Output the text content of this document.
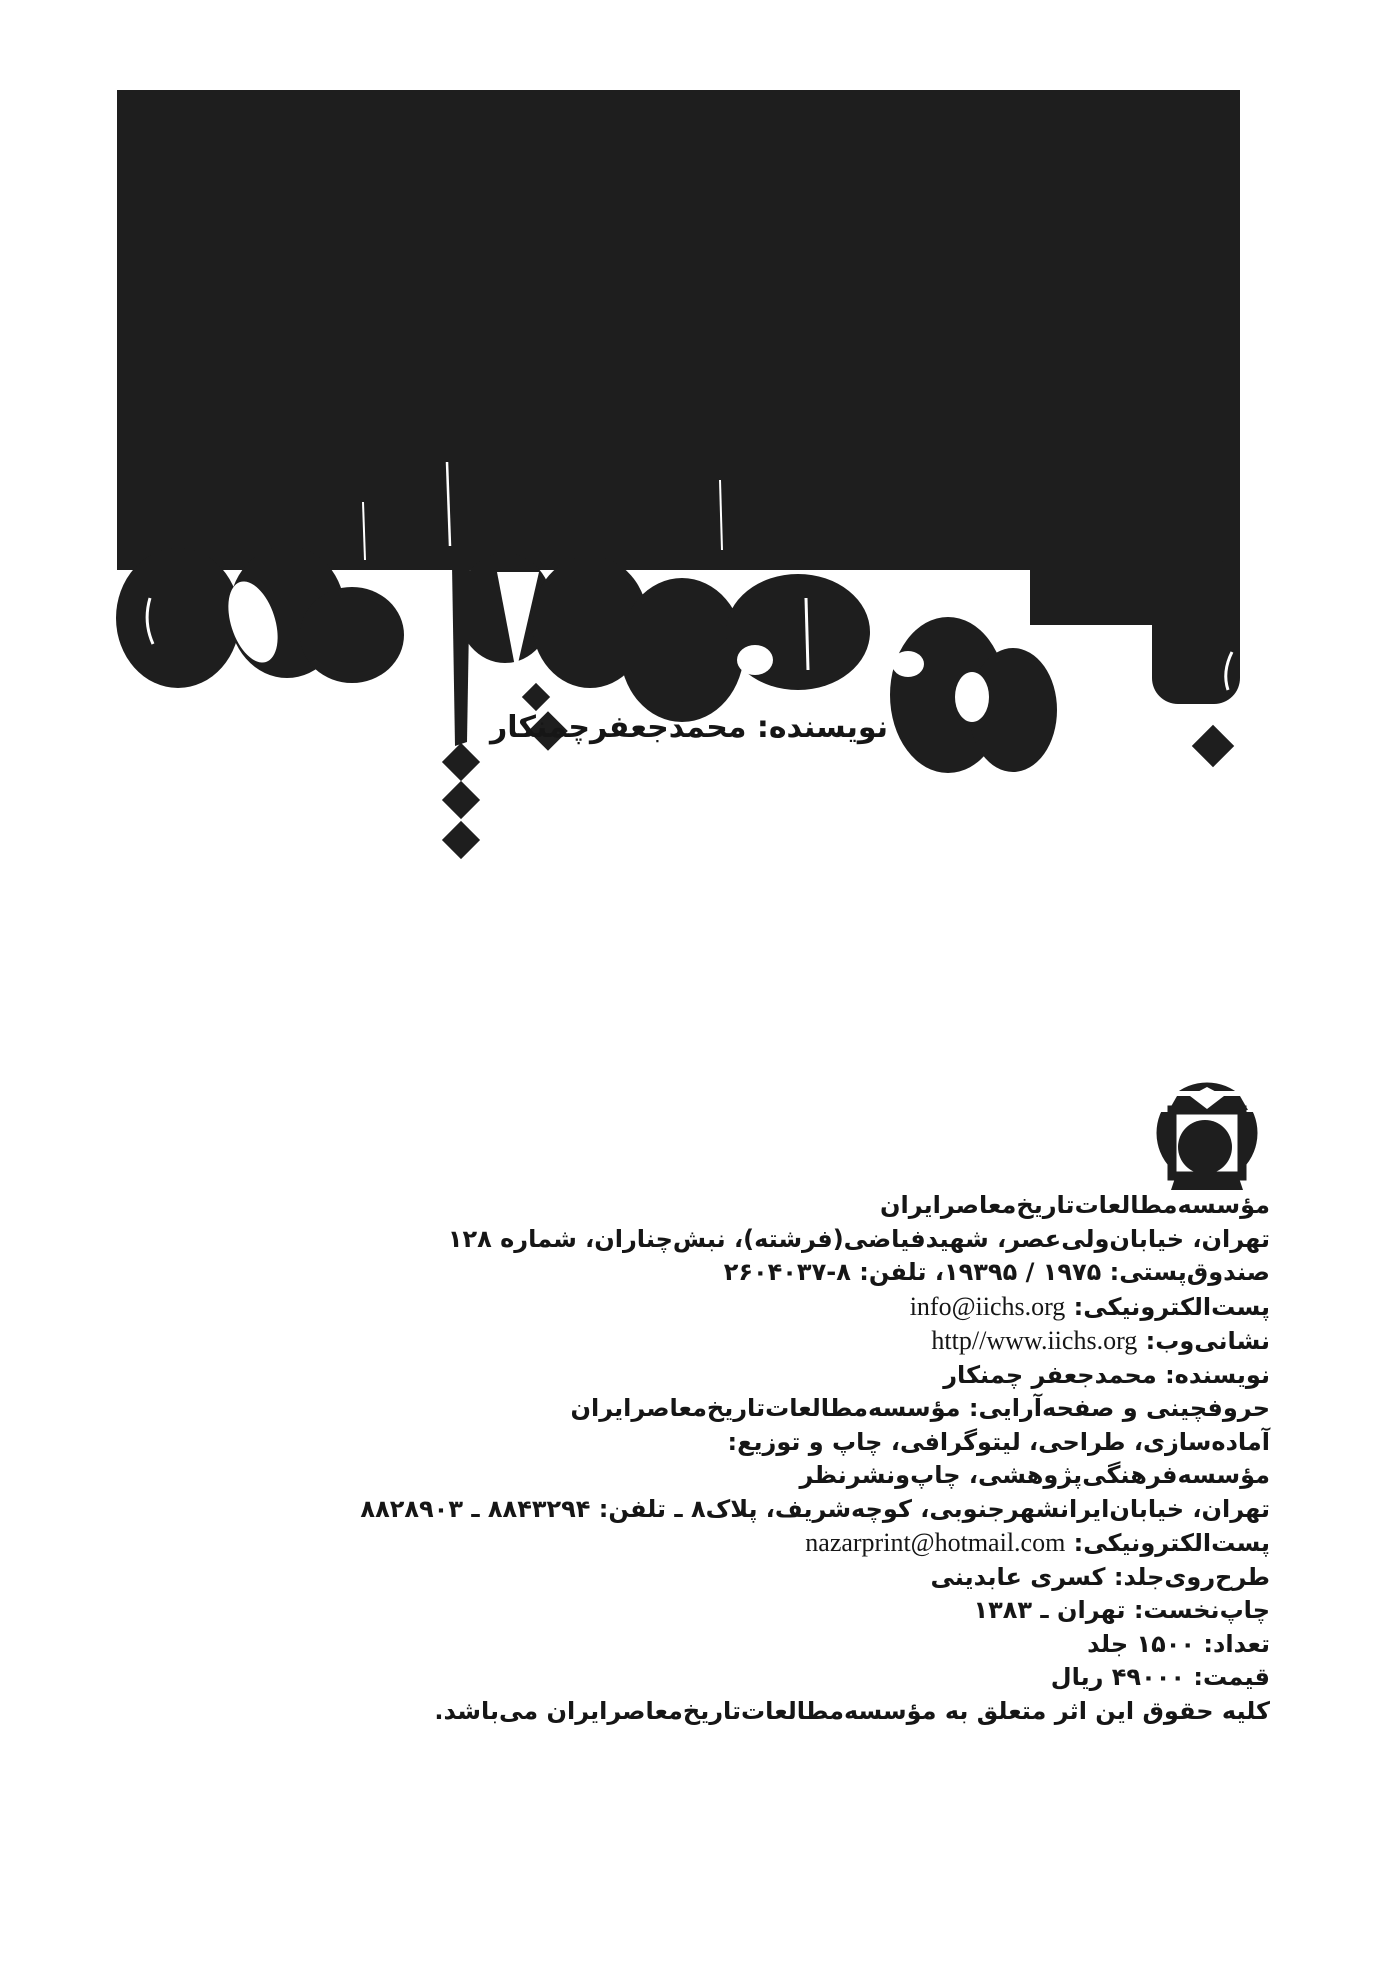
نویسنده: محمدجعفرچمنکار
مؤسسه‌مطالعات‌تاریخ‌معاصرایران
تهران، خیابان‌ولی‌عصر، شهیدفیاضی(فرشته)، نبش‌چناران، شماره ۱۲۸
صندوق‌پستی: ۱۹۷۵ / ۱۹۳۹۵، تلفن: ۸-۲۶۰۴۰۳۷
پست‌الکترونیکی: info@iichs.org
نشانی‌وب: http//www.iichs.org
نویسنده: محمدجعفر چمنکار
حروفچینی و صفحه‌آرایی: مؤسسه‌مطالعات‌تاریخ‌معاصرایران
آماده‌سازی، طراحی، لیتوگرافی، چاپ و توزیع:
مؤسسه‌فرهنگی‌پژوهشی، چاپ‌ونشرنظر
تهران، خیابان‌ایرانشهرجنوبی، کوچه‌شریف، پلاک۸ ـ تلفن: ۸۸۴۳۲۹۴ ـ ۸۸۲۸۹۰۳
پست‌الکترونیکی: nazarprint@hotmail.com
طرح‌روی‌جلد: کسری عابدینی
چاپ‌نخست: تهران ـ ۱۳۸۳
تعداد: ۱۵۰۰ جلد
قیمت: ۴۹۰۰۰ ریال
کلیه حقوق این اثر متعلق به مؤسسه‌مطالعات‌تاریخ‌معاصرایران می‌باشد.
